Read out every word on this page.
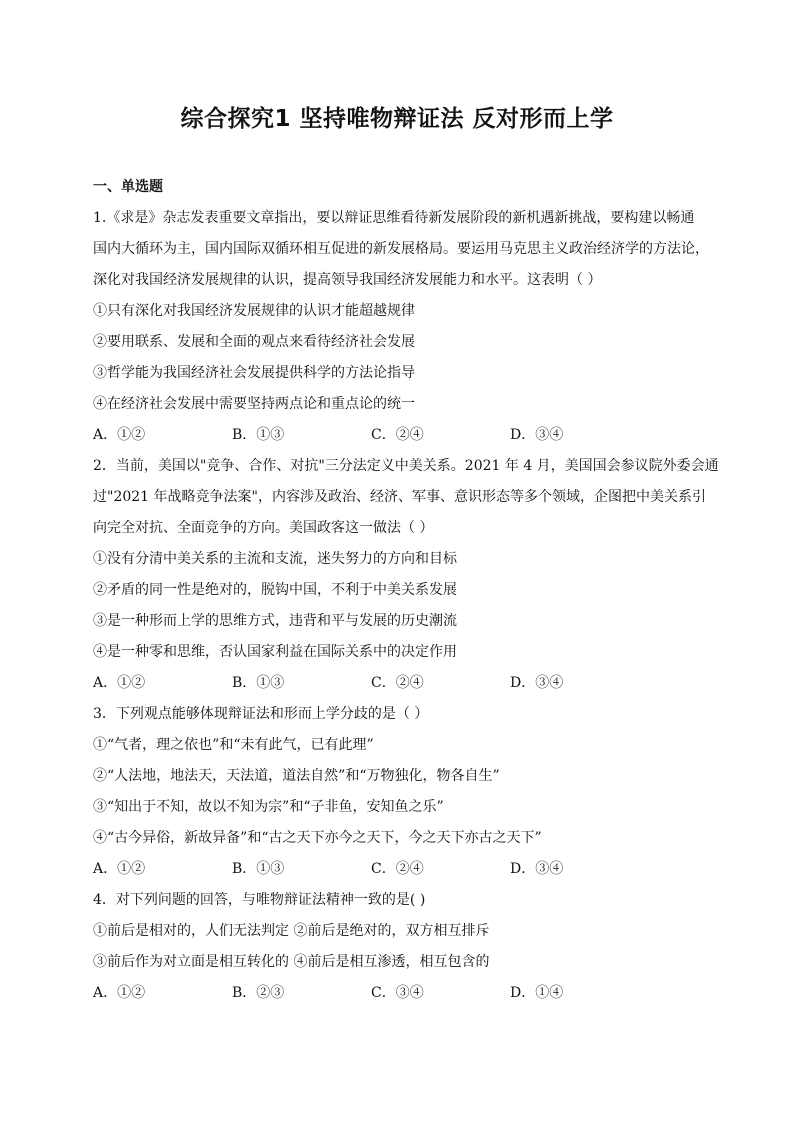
综合探究1 坚持唯物辩证法 反对形而上学
一、单选题
1.《求是》杂志发表重要文章指出，要以辩证思维看待新发展阶段的新机遇新挑战，要构建以畅通
国内大循环为主，国内国际双循环相互促进的新发展格局。要运用马克思主义政治经济学的方法论，
深化对我国经济发展规律的认识，提高领导我国经济发展能力和水平。这表明（ ）
①只有深化对我国经济发展规律的认识才能超越规律
②要用联系、发展和全面的观点来看待经济社会发展
③哲学能为我国经济社会发展提供科学的方法论指导
④在经济社会发展中需要坚持两点论和重点论的统一
A．①②	B．①③	C．②④	D．③④
2．当前，美国以"竞争、合作、对抗"三分法定义中美关系。2021 年 4 月，美国国会参议院外委会通
过"2021 年战略竞争法案"，内容涉及政治、经济、军事、意识形态等多个领域，企图把中美关系引
向完全对抗、全面竞争的方向。美国政客这一做法（ ）
①没有分清中美关系的主流和支流，迷失努力的方向和目标
②矛盾的同一性是绝对的，脱钩中国，不利于中美关系发展
③是一种形而上学的思维方式，违背和平与发展的历史潮流
④是一种零和思维，否认国家利益在国际关系中的决定作用
A．①②	B．①③	C．②④	D．③④
3．下列观点能够体现辩证法和形而上学分歧的是（ ）
①“气者，理之依也”和“未有此气，已有此理”
②“人法地，地法天，天法道，道法自然”和“万物独化，物各自生”
③“知出于不知，故以不知为宗”和“子非鱼，安知鱼之乐”
④“古今异俗，新故异备”和“古之天下亦今之天下，今之天下亦古之天下”
A．①②	B．①③	C．②④	D．③④
4．对下列问题的回答，与唯物辩证法精神一致的是( )
①前后是相对的，人们无法判定 ②前后是绝对的，双方相互排斥
③前后作为对立面是相互转化的 ④前后是相互渗透，相互包含的
A．①②	B．②③	C．③④	D．①④
